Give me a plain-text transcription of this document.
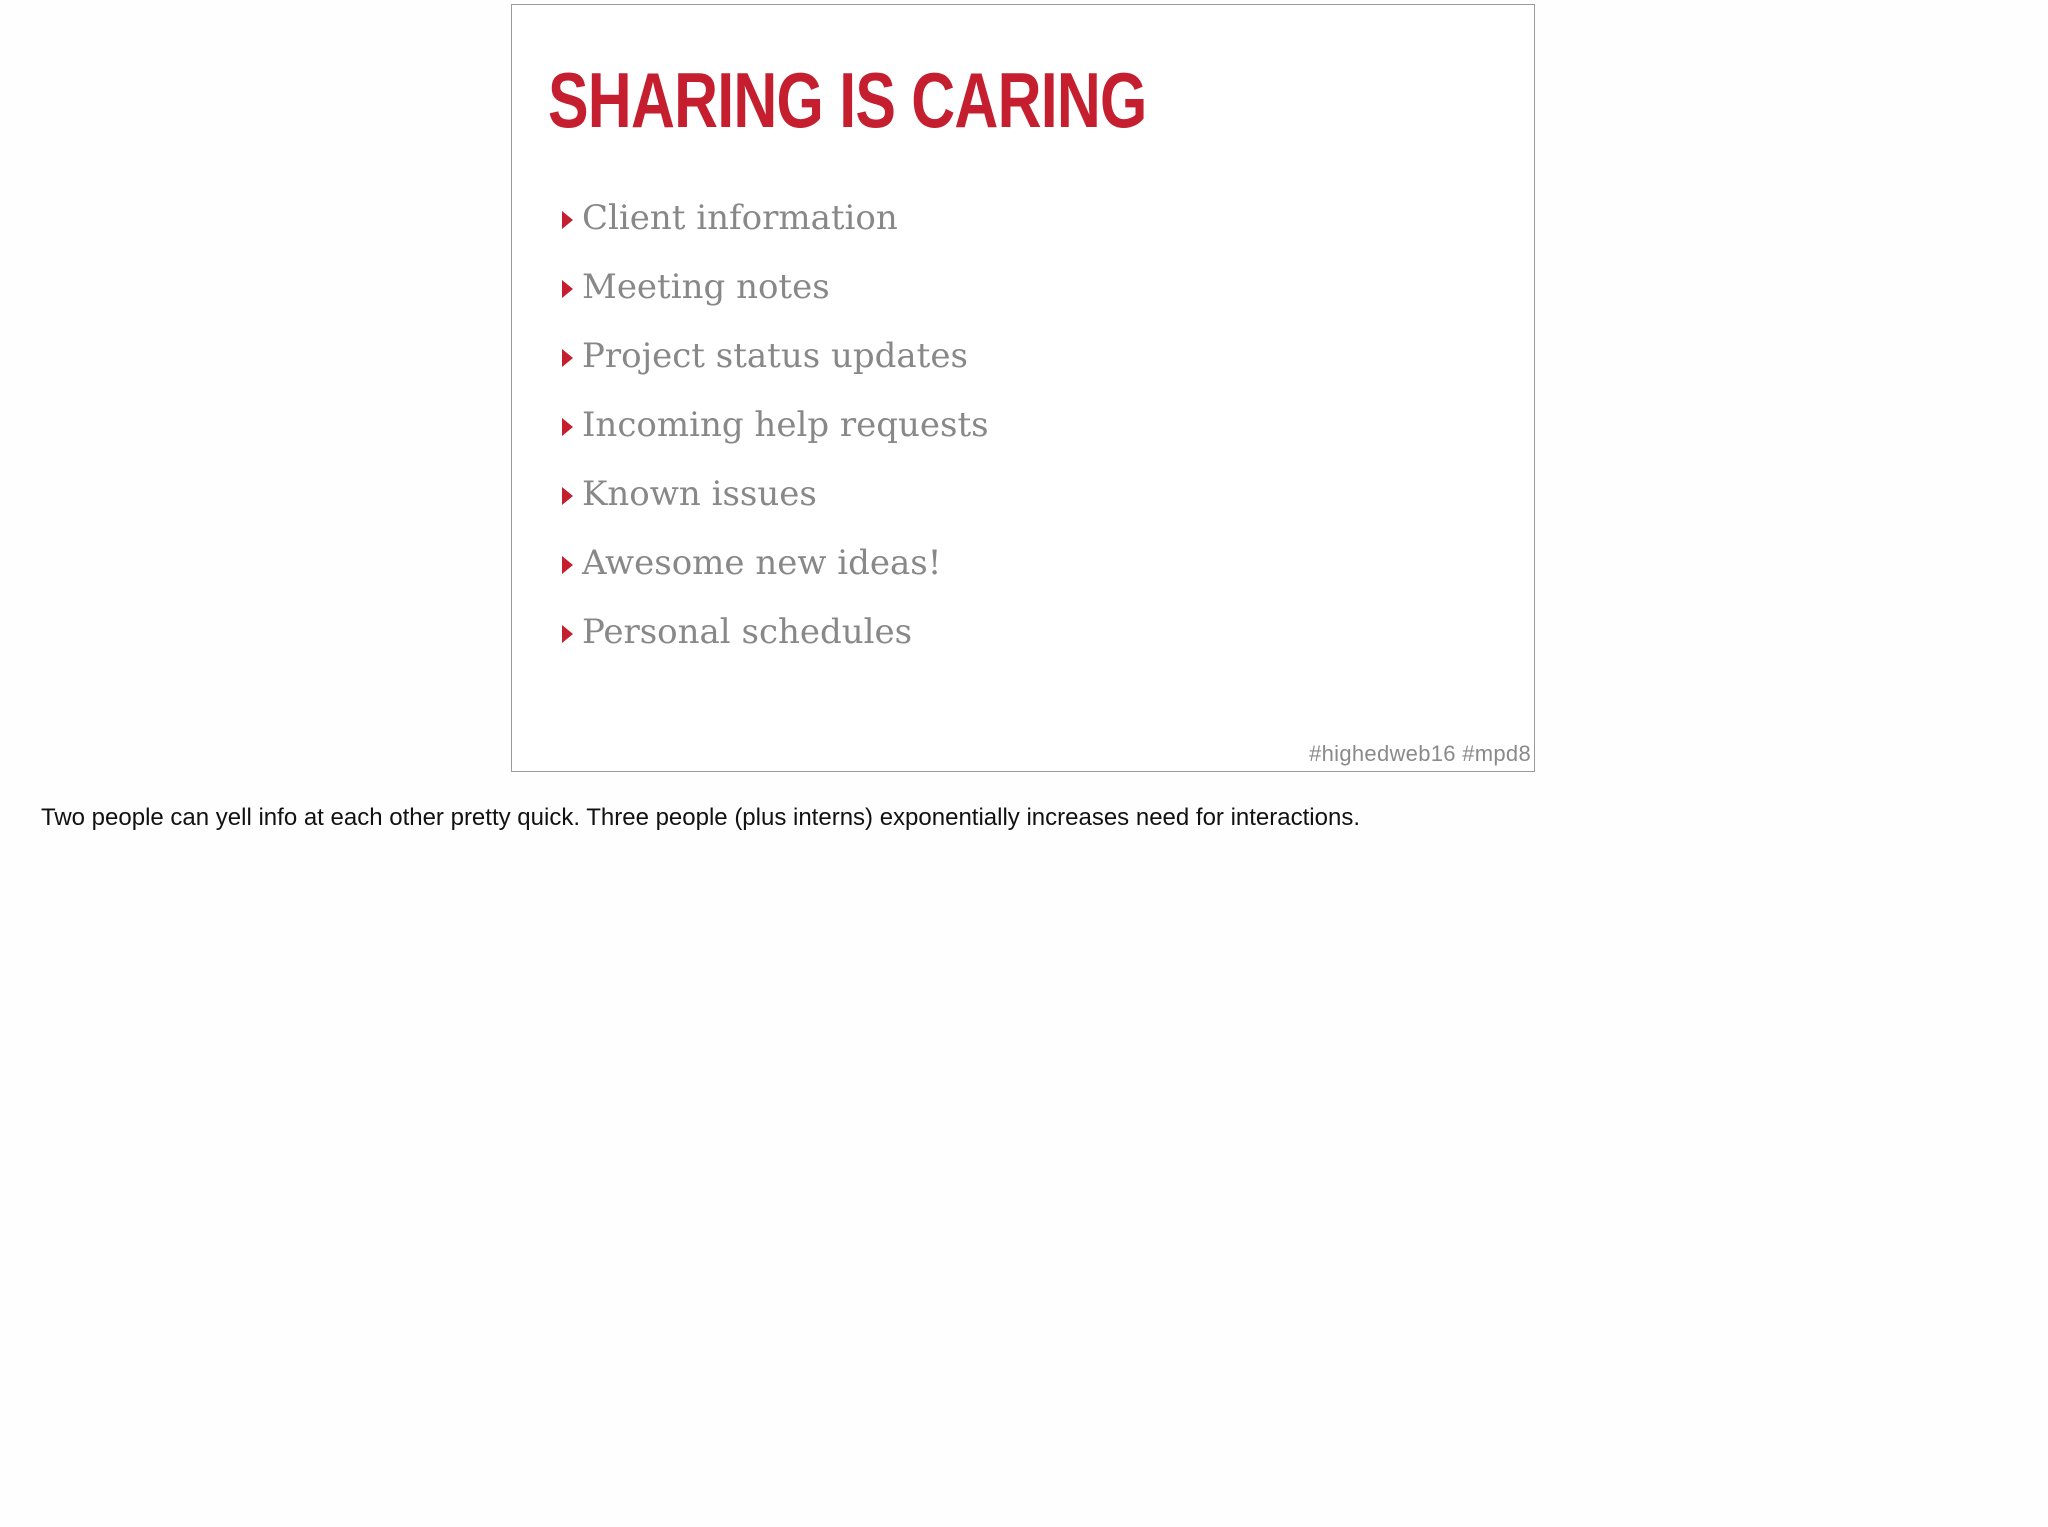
SHARING IS CARING
Client information
Meeting notes
Project status updates
Incoming help requests
Known issues
Awesome new ideas!
Personal schedules
#highedweb16 #mpd8

Two people can yell info at each other pretty quick. Three people (plus interns) exponentially increases need for interactions.
